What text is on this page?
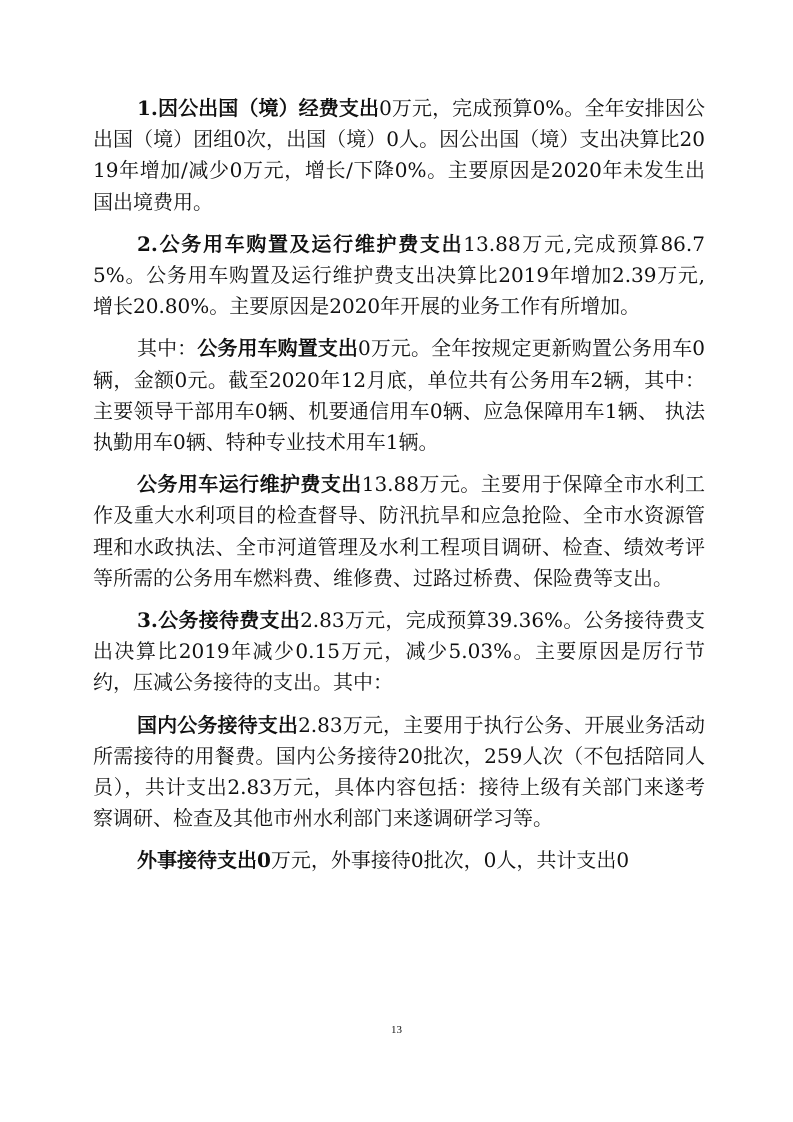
1.因公出国（境）经费支出0万元，完成预算0%。全年安排因公出国（境）团组0次，出国（境）0人。因公出国（境）支出决算比2019年增加/减少0万元，增长/下降0%。主要原因是2020年未发生出国出境费用。

2.公务用车购置及运行维护费支出13.88万元,完成预算86.75%。公务用车购置及运行维护费支出决算比2019年增加2.39万元,增长20.80%。主要原因是2020年开展的业务工作有所增加。

其中：公务用车购置支出0万元。全年按规定更新购置公务用车0辆，金额0元。截至2020年12月底，单位共有公务用车2辆，其中：主要领导干部用车0辆、机要通信用车0辆、应急保障用车1辆、 执法执勤用车0辆、特种专业技术用车1辆。

公务用车运行维护费支出13.88万元。主要用于保障全市水利工作及重大水利项目的检查督导、防汛抗旱和应急抢险、全市水资源管理和水政执法、全市河道管理及水利工程项目调研、检查、绩效考评等所需的公务用车燃料费、维修费、过路过桥费、保险费等支出。

3.公务接待费支出2.83万元，完成预算39.36%。公务接待费支出决算比2019年减少0.15万元，减少5.03%。主要原因是厉行节约，压减公务接待的支出。其中：

国内公务接待支出2.83万元，主要用于执行公务、开展业务活动所需接待的用餐费。国内公务接待20批次，259人次（不包括陪同人员），共计支出2.83万元，具体内容包括：接待上级有关部门来遂考察调研、检查及其他市州水利部门来遂调研学习等。

外事接待支出0万元，外事接待0批次，0人，共计支出0

13
